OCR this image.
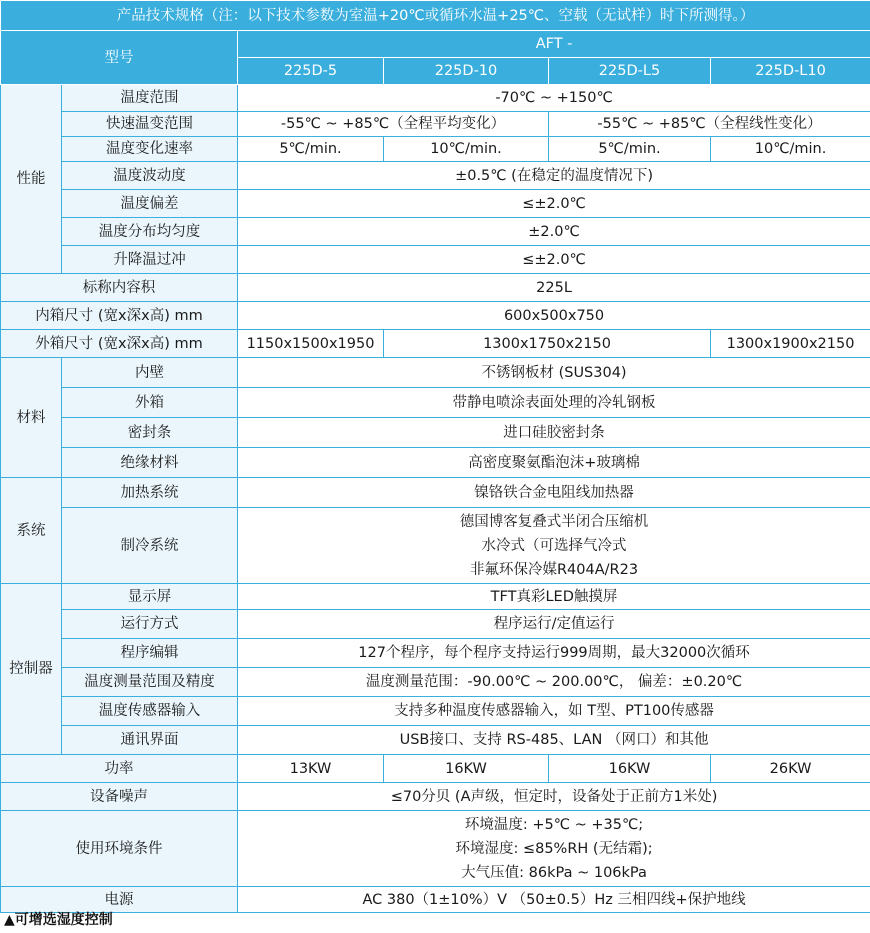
产品技术规格（注：以下技术参数为室温+20℃或循环水温+25℃、空载（无试样）时下所测得。）					
型号		AFT -			
		225D-5	225D-10	225D-L5	225D-L10
性能	温度范围	-70℃ ~ +150℃			
	快速温变范围	-55℃ ~ +85℃（全程平均变化）		-55℃ ~ +85℃（全程线性变化）	
	温度变化速率	5℃/min.	10℃/min.	5℃/min.	10℃/min.
	温度波动度	±0.5℃ (在稳定的温度情况下)			
	温度偏差	≤±2.0℃			
	温度分布均匀度	±2.0℃			
	升降温过冲	≤±2.0℃			
标称内容积		225L			
内箱尺寸 (宽x深x高) mm		600x500x750			
外箱尺寸 (宽x深x高) mm		1150x1500x1950	1300x1750x2150		1300x1900x2150
材料	内壁	不锈钢板材 (SUS304)			
	外箱	带静电喷涂表面处理的冷轧钢板			
	密封条	进口硅胶密封条			
	绝缘材料	高密度聚氨酯泡沫+玻璃棉			
系统	加热系统	镍铬铁合金电阻线加热器			
	制冷系统	德国博客复叠式半闭合压缩机
水冷式（可选择气冷式
非氟环保冷媒R404A/R23			

控制器	显示屏	TFT真彩LED触摸屏			
	运行方式	程序运行/定值运行			
	程序编辑	127个程序，每个程序支持运行999周期，最大32000次循环			
	温度测量范围及精度	温度测量范围：-90.00℃ ~ 200.00℃， 偏差：±0.20℃			
	温度传感器输入	支持多种温度传感器输入，如 T型、PT100传感器			
	通讯界面	USB接口、支持 RS-485、LAN （网口）和其他			
功率		13KW	16KW	16KW	26KW
设备噪声		≤70分贝 (A声级，恒定时，设备处于正前方1米处)			
使用环境条件		环境温度: +5℃ ~ +35℃;
环境湿度: ≤85%RH (无结霜);
大气压值: 86kPa ~ 106kPa			

电源		AC 380（1±10%）V （50±0.5）Hz 三相四线+保护地线			
▲可增选湿度控制
